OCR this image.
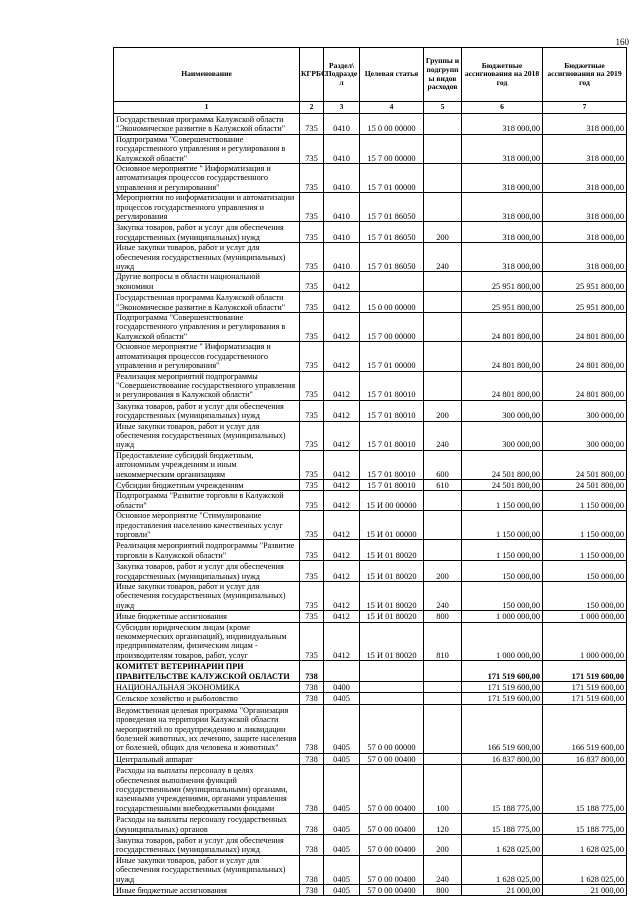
160
Наименование	КГРБС	Раздел\ Подразде л	Целевая статья	Группы и подгрупп ы видов расходов	Бюджетные ассигнования на 2018 год	Бюджетные ассигнования на 2019 год
1	2	3	4	5	6	7
Государственная программа Калужской области "Экономическое развитие в Калужской области"	735	0410	15 0 00 00000		318 000,00	318 000,00
Подпрограмма "Совершенствование государственного управления и регулирования в Калужской области"	735	0410	15 7 00 00000		318 000,00	318 000,00
Основное мероприятие " Информатизация и автоматизация процессов государственного управления и регулирования"	735	0410	15 7 01 00000		318 000,00	318 000,00
Мероприятия по информатизации и автоматизации процессов государственного управления и регулирования	735	0410	15 7 01 86050		318 000,00	318 000,00
Закупка товаров, работ и услуг для обеспечения государственных (муниципальных) нужд	735	0410	15 7 01 86050	200	318 000,00	318 000,00
Иные закупки товаров, работ и услуг для обеспечения государственных (муниципальных) нужд	735	0410	15 7 01 86050	240	318 000,00	318 000,00
Другие вопросы в области национальной экономики	735	0412			25 951 800,00	25 951 800,00
Государственная программа Калужской области "Экономическое развитие в Калужской области"	735	0412	15 0 00 00000		25 951 800,00	25 951 800,00
Подпрограмма "Совершенствование государственного управления и регулирования в Калужской области"	735	0412	15 7 00 00000		24 801 800,00	24 801 800,00
Основное мероприятие " Информатизация и автоматизация процессов государственного управления и регулирования"	735	0412	15 7 01 00000		24 801 800,00	24 801 800,00
Реализация мероприятий подпрограммы "Совершенствование государственного управления и регулирования в Калужской области"	735	0412	15 7 01 80010		24 801 800,00	24 801 800,00
Закупка товаров, работ и услуг для обеспечения государственных (муниципальных) нужд	735	0412	15 7 01 80010	200	300 000,00	300 000,00
Иные закупки товаров, работ и услуг для обеспечения государственных (муниципальных) нужд	735	0412	15 7 01 80010	240	300 000,00	300 000,00
Предоставление субсидий бюджетным, автономным учреждениям и иным некоммерческим организациям	735	0412	15 7 01 80010	600	24 501 800,00	24 501 800,00
Субсидии бюджетным учреждениям	735	0412	15 7 01 80010	610	24 501 800,00	24 501 800,00
Подпрограмма "Развитие торговли в Калужской области"	735	0412	15 И 00 00000		1 150 000,00	1 150 000,00
Основное мероприятие "Стимулирование предоставления населению качественных услуг торговли"	735	0412	15 И 01 00000		1 150 000,00	1 150 000,00
Реализация мероприятий подпрограммы "Развитие торговли в Калужской области"	735	0412	15 И 01 80020		1 150 000,00	1 150 000,00
Закупка товаров, работ и услуг для обеспечения государственных (муниципальных) нужд	735	0412	15 И 01 80020	200	150 000,00	150 000,00
Иные закупки товаров, работ и услуг для обеспечения государственных (муниципальных) нужд	735	0412	15 И 01 80020	240	150 000,00	150 000,00
Иные бюджетные ассигнования	735	0412	15 И 01 80020	800	1 000 000,00	1 000 000,00
Субсидии юридическим лицам (кроме некоммерческих организаций), индивидуальным предпринимателям, физическим лицам - производителям товаров, работ, услуг	735	0412	15 И 01 80020	810	1 000 000,00	1 000 000,00
КОМИТЕТ ВЕТЕРИНАРИИ ПРИ ПРАВИТЕЛЬСТВЕ КАЛУЖСКОЙ ОБЛАСТИ	738				171 519 600,00	171 519 600,00
НАЦИОНАЛЬНАЯ ЭКОНОМИКА	738	0400			171 519 600,00	171 519 600,00
Сельское хозяйство и рыболовство	738	0405			171 519 600,00	171 519 600,00
Ведомственная целевая программа "Организация проведения на территории Калужской области мероприятий по предупреждению и ликвидации болезней животных, их лечению, защите населения от болезней, общих для человека и животных"	738	0405	57 0 00 00000		166 519 600,00	166 519 600,00
Центральный аппарат	738	0405	57 0 00 00400		16 837 800,00	16 837 800,00
Расходы на выплаты персоналу в целях обеспечения выполнения функций государственными (муниципальными) органами, казенными учреждениями, органами управления государственными внебюджетными фондами	738	0405	57 0 00 00400	100	15 188 775,00	15 188 775,00
Расходы на выплаты персоналу государственных (муниципальных) органов	738	0405	57 0 00 00400	120	15 188 775,00	15 188 775,00
Закупка товаров, работ и услуг для обеспечения государственных (муниципальных) нужд	738	0405	57 0 00 00400	200	1 628 025,00	1 628 025,00
Иные закупки товаров, работ и услуг для обеспечения государственных (муниципальных) нужд	738	0405	57 0 00 00400	240	1 628 025,00	1 628 025,00
Иные бюджетные ассигнования	738	0405	57 0 00 00400	800	21 000,00	21 000,00
